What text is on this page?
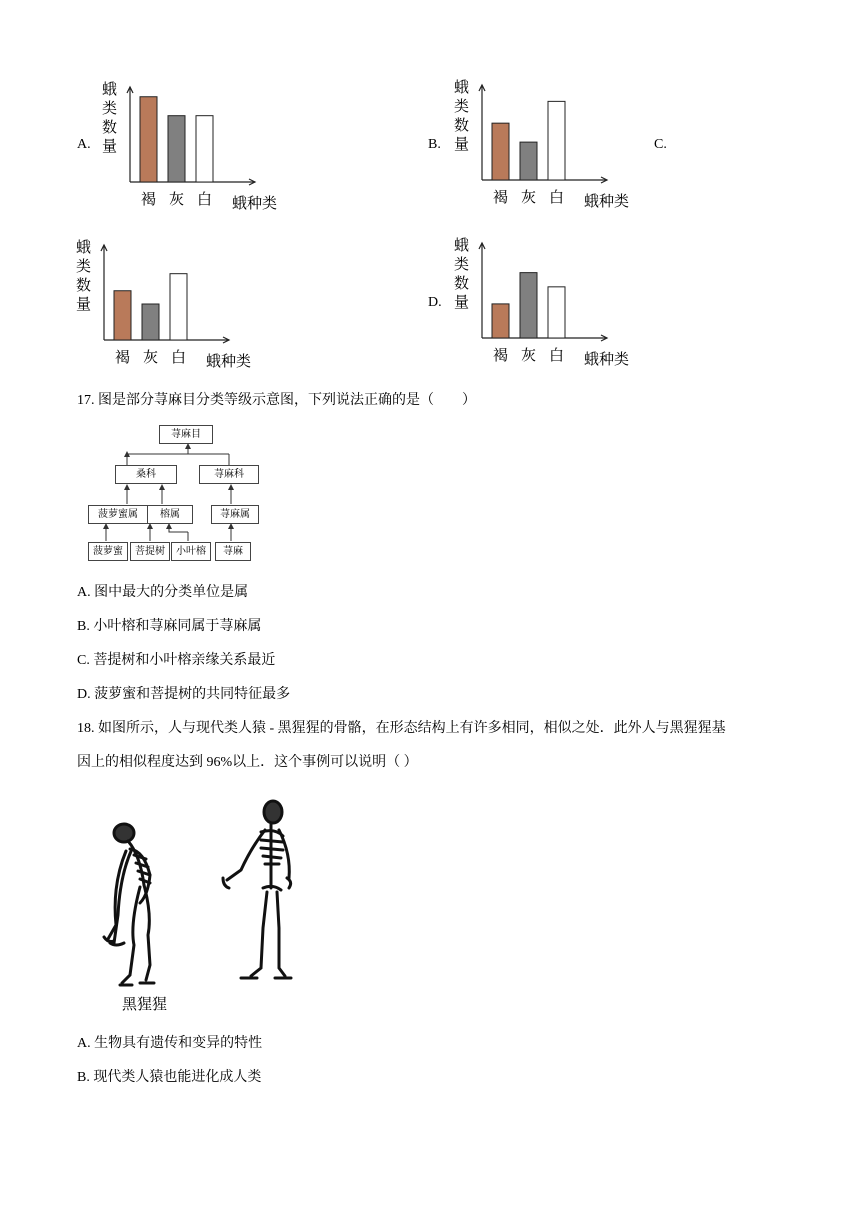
A.
蛾
类
数
量
褐 灰 白 蛾种类
B.
蛾
类
数
量
褐 灰 白 蛾种类
C.
蛾
类
数
量
褐 灰 白 蛾种类
D.
蛾
类
数
量
褐 灰 白 蛾种类
17. 图是部分荨麻目分类等级示意图，下列说法正确的是（　　）
荨麻目
桑科	荨麻科
菠萝蜜属	榕属	荨麻属
菠萝蜜	菩提树	小叶榕	荨麻
A. 图中最大的分类单位是属
B. 小叶榕和荨麻同属于荨麻属
C. 菩提树和小叶榕亲缘关系最近
D. 菠萝蜜和菩提树的共同特征最多
18. 如图所示，人与现代类人猿 - 黑猩猩的骨骼，在形态结构上有许多相同，相似之处．此外人与黑猩猩基
因上的相似程度达到 96%以上．这个事例可以说明（ ）
黑猩猩
A. 生物具有遗传和变异的特性
B. 现代类人猿也能进化成人类
